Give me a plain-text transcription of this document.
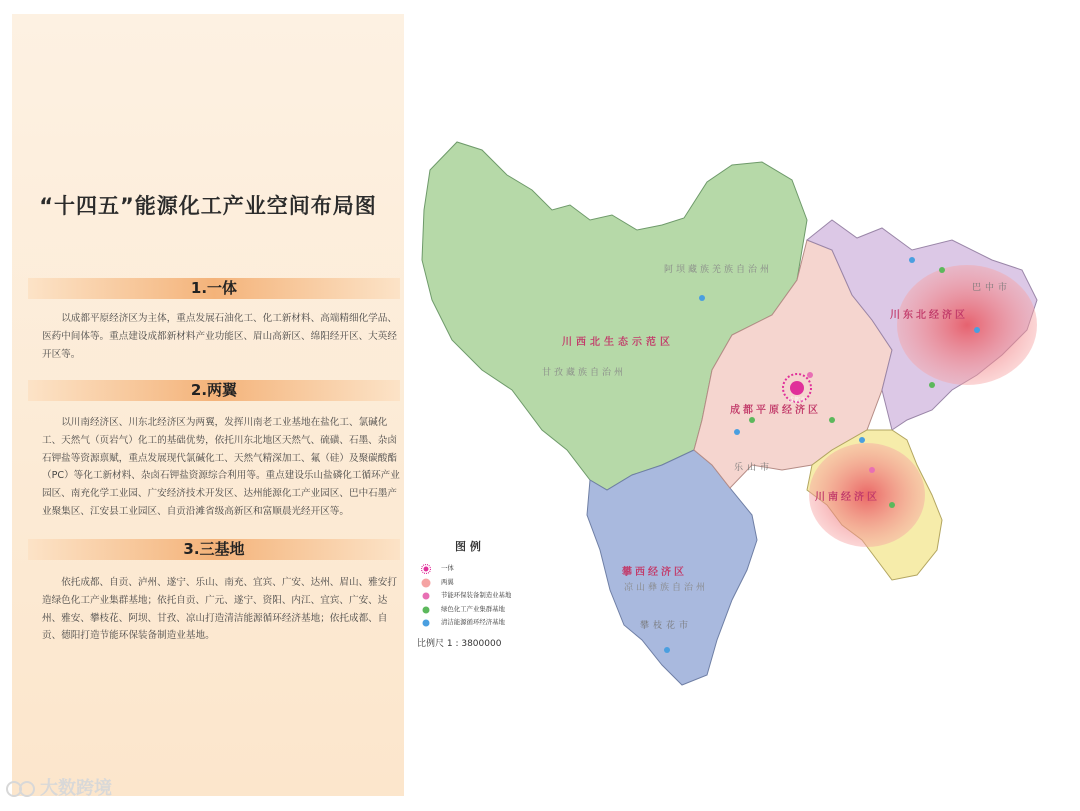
“十四五”能源化工产业空间布局图
1.一体
以成都平原经济区为主体，重点发展石油化工、化工新材料、高端精细化学品、医药中间体等。重点建设成都新材料产业功能区、眉山高新区、绵阳经开区、大英经开区等。
2.两翼
以川南经济区、川东北经济区为两翼，发挥川南老工业基地在盐化工、氯碱化工、天然气（页岩气）化工的基础优势，依托川东北地区天然气、硫磺、石墨、杂卤石钾盐等资源禀赋，重点发展现代氯碱化工、天然气精深加工、氟（硅）及聚碳酸酯（PC）等化工新材料、杂卤石钾盐资源综合利用等。重点建设乐山盐磷化工循环产业园区、南充化学工业园、广安经济技术开发区、达州能源化工产业园区、巴中石墨产业聚集区、江安县工业园区、自贡沿滩省级高新区和富顺晨光经开区等。
3.三基地
依托成都、自贡、泸州、遂宁、乐山、南充、宜宾、广安、达州、眉山、雅安打造绿色化工产业集群基地；依托自贡、广元、遂宁、资阳、内江、宜宾、广安、达州、雅安、攀枝花、阿坝、甘孜、凉山打造清洁能源循环经济基地；依托成都、自贡、德阳打造节能环保装备制造业基地。
成都市
川西北生态示范区
成都平原经济区
川东北经济区
川南经济区
攀西经济区
阿坝藏族羌族自治州
甘孜藏族自治州
凉山彝族自治州
巴中市
乐山市
攀枝花市
图 例
一体
两翼
节能环保装备制造业基地
绿色化工产业集群基地
清洁能源循环经济基地
比例尺 1 : 3800000
大数跨境
